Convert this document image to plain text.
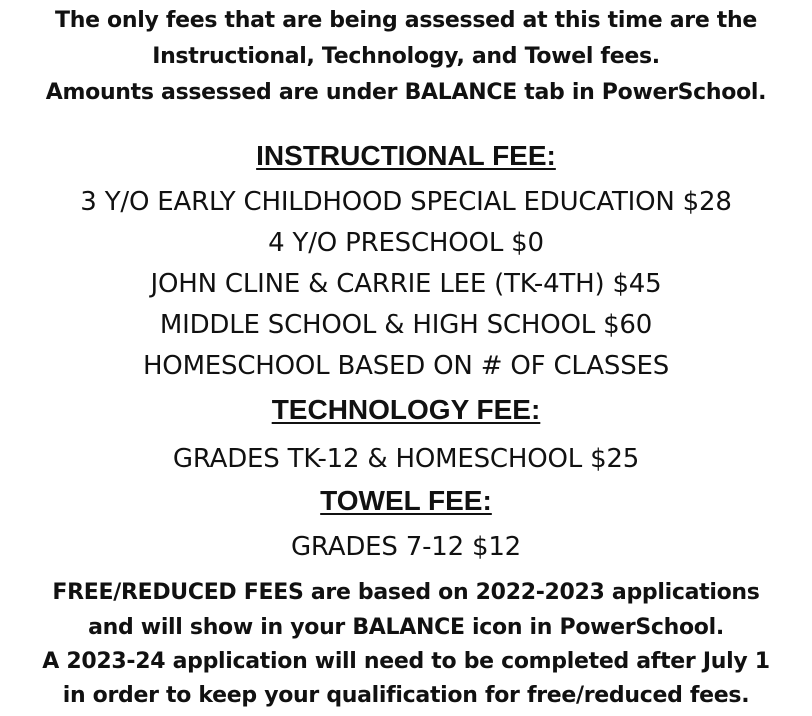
The only fees that are being assessed at this time are the

Instructional, Technology, and Towel fees.

Amounts assessed are under BALANCE tab in PowerSchool.

INSTRUCTIONAL FEE:

3 Y/O EARLY CHILDHOOD SPECIAL EDUCATION $28

4 Y/O PRESCHOOL $0

JOHN CLINE & CARRIE LEE (TK-4TH) $45

MIDDLE SCHOOL & HIGH SCHOOL $60

HOMESCHOOL BASED ON # OF CLASSES

TECHNOLOGY FEE:

GRADES TK-12 & HOMESCHOOL $25

TOWEL FEE:

GRADES 7-12 $12

FREE/REDUCED FEES are based on 2022-2023 applications

and will show in your BALANCE icon in PowerSchool.

A 2023-24 application will need to be completed after July 1

in order to keep your qualification for free/reduced fees.
